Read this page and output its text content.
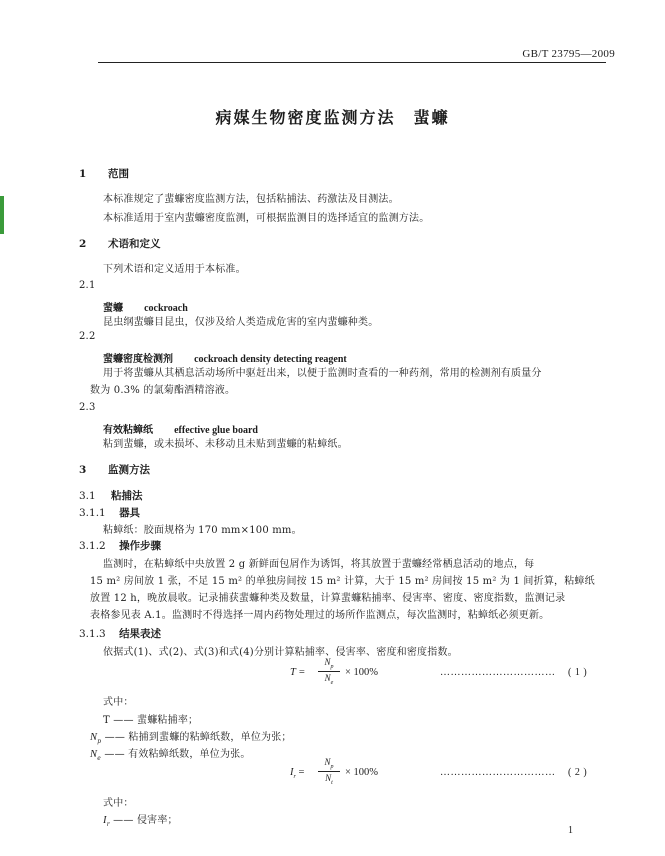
GB/T 23795—2009
病媒生物密度监测方法　蜚蠊
1 范围
本标准规定了蜚蠊密度监测方法，包括粘捕法、药激法及目测法。
本标准适用于室内蜚蠊密度监测，可根据监测目的选择适宜的监测方法。
2 术语和定义
下列术语和定义适用于本标准。
2.1
蜚蠊 cockroach
昆虫纲蜚蠊目昆虫，仅涉及给人类造成危害的室内蜚蠊种类。
2.2
蜚蠊密度检测剂 cockroach density detecting reagent
用于将蜚蠊从其栖息活动场所中驱赶出来，以便于监测时查看的一种药剂，常用的检测剂有质量分
数为 0.3% 的氯菊酯酒精溶液。
2.3
有效粘蟑纸 effective glue board
粘到蜚蠊，或未损坏、未移动且未贴到蜚蠊的粘蟑纸。
3 监测方法
3.1 粘捕法
3.1.1 器具
粘蟑纸：胶面规格为 170 mm×100 mm。
3.1.2 操作步骤
监测时，在粘蟑纸中央放置 2 g 新鲜面包屑作为诱饵，将其放置于蜚蠊经常栖息活动的地点，每
15 m² 房间放 1 张，不足 15 m² 的单独房间按 15 m² 计算，大于 15 m² 房间按 15 m² 为 1 间折算，粘蟑纸
放置 12 h，晚放晨收。记录捕获蜚蠊种类及数量，计算蜚蠊粘捕率、侵害率、密度、密度指数，监测记录
表格参见表 A.1。监测时不得选择一周内药物处理过的场所作监测点，每次监测时，粘蟑纸必须更新。
3.1.3 结果表述
依据式(1)、式(2)、式(3)和式(4)分别计算粘捕率、侵害率、密度和密度指数。
T =
$N_p$
$N_e$
× 100%	…………………………… ( 1 )
式中：
T —— 蜚蠊粘捕率；
$N_p$ —— 粘捕到蜚蠊的粘蟑纸数，单位为张；
$N_e$ —— 有效粘蟑纸数，单位为张。
$I_r$ =
$N_p$
$N_t$
× 100%	…………………………… ( 2 )
式中：
$I_r$ —— 侵害率；
1
